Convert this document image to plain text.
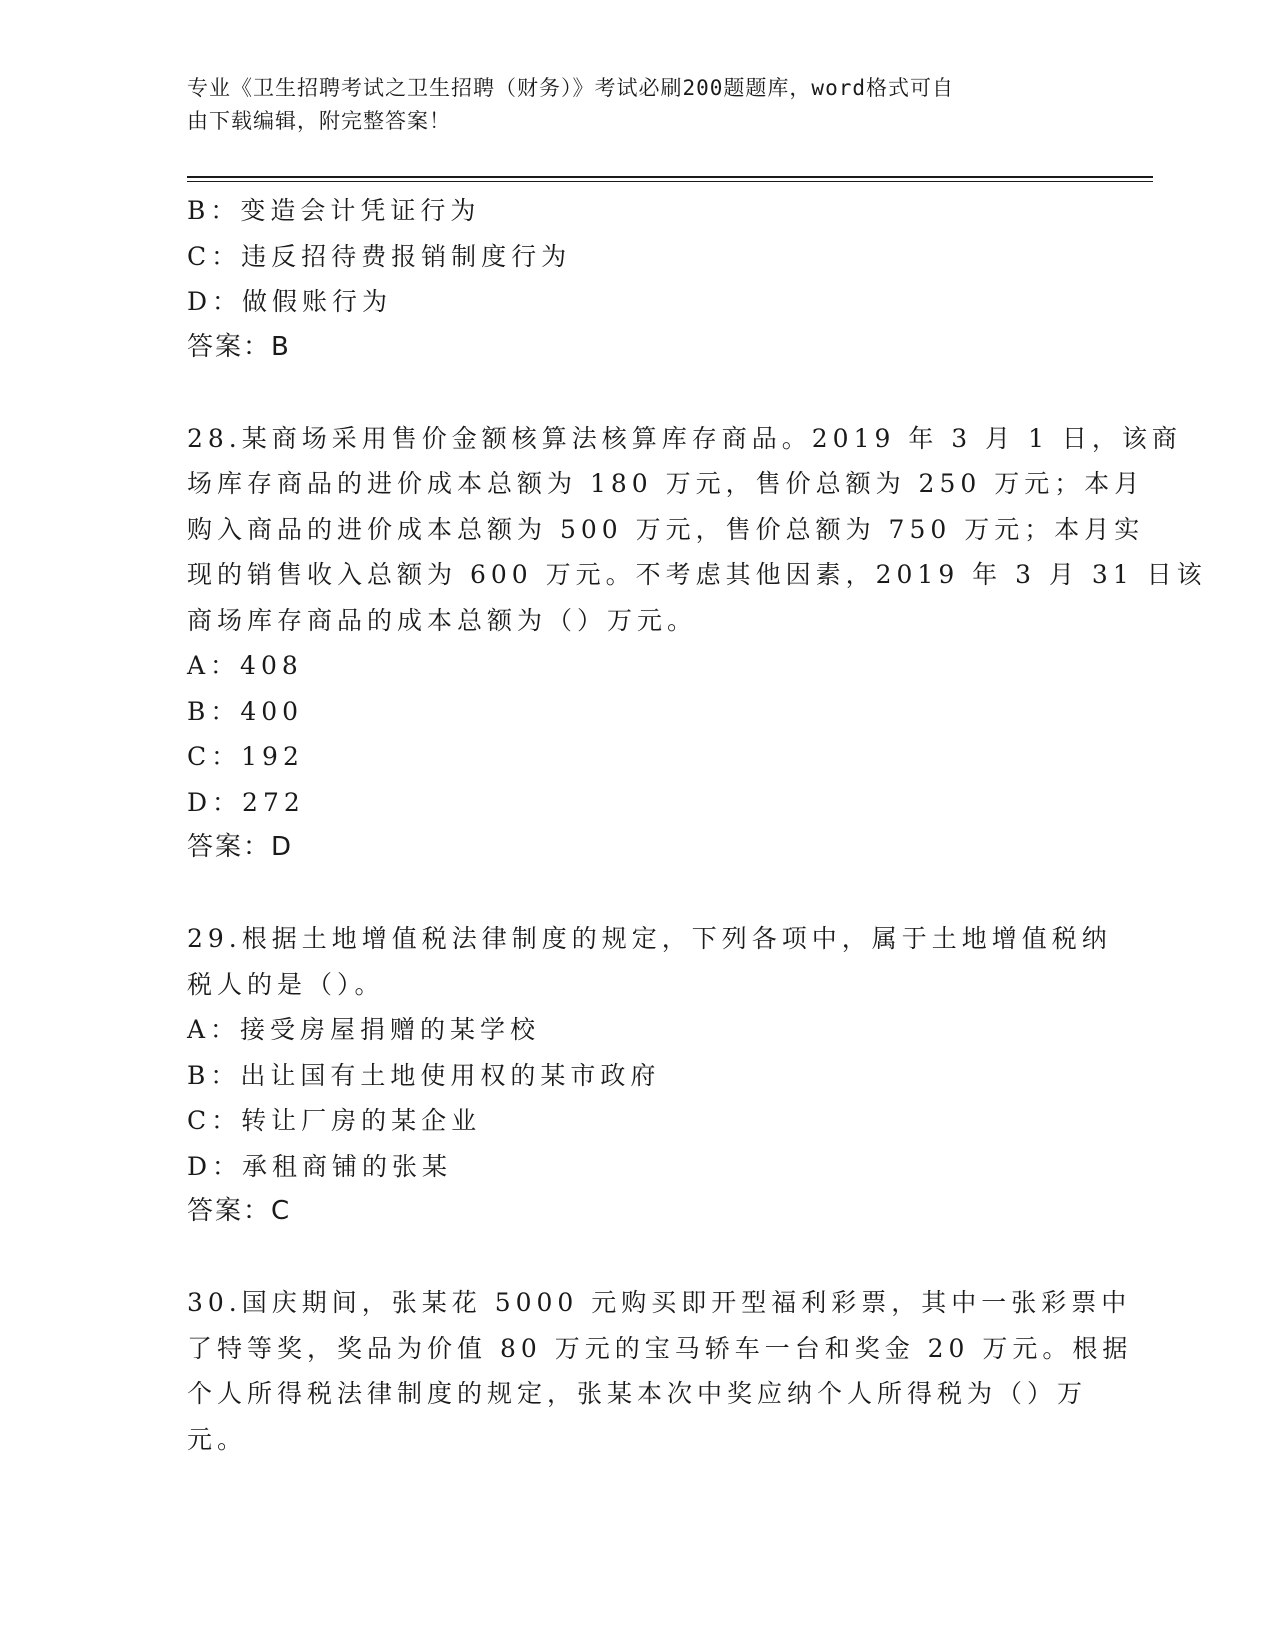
专业《卫生招聘考试之卫生招聘（财务）》考试必刷200题题库，word格式可自
由下载编辑，附完整答案！
B：变造会计凭证行为
C：违反招待费报销制度行为
D：做假账行为
答案：B
28.某商场采用售价金额核算法核算库存商品。2019 年 3 月 1 日，该商
场库存商品的进价成本总额为 180 万元，售价总额为 250 万元；本月
购入商品的进价成本总额为 500 万元，售价总额为 750 万元；本月实
现的销售收入总额为 600 万元。不考虑其他因素，2019 年 3 月 31 日该
商场库存商品的成本总额为（）万元。
A：408
B：400
C：192
D：272
答案：D
29.根据土地增值税法律制度的规定，下列各项中，属于土地增值税纳
税人的是（）。
A：接受房屋捐赠的某学校
B：出让国有土地使用权的某市政府
C：转让厂房的某企业
D：承租商铺的张某
答案：C
30.国庆期间，张某花 5000 元购买即开型福利彩票，其中一张彩票中
了特等奖，奖品为价值 80 万元的宝马轿车一台和奖金 20 万元。根据
个人所得税法律制度的规定，张某本次中奖应纳个人所得税为（）万
元。
